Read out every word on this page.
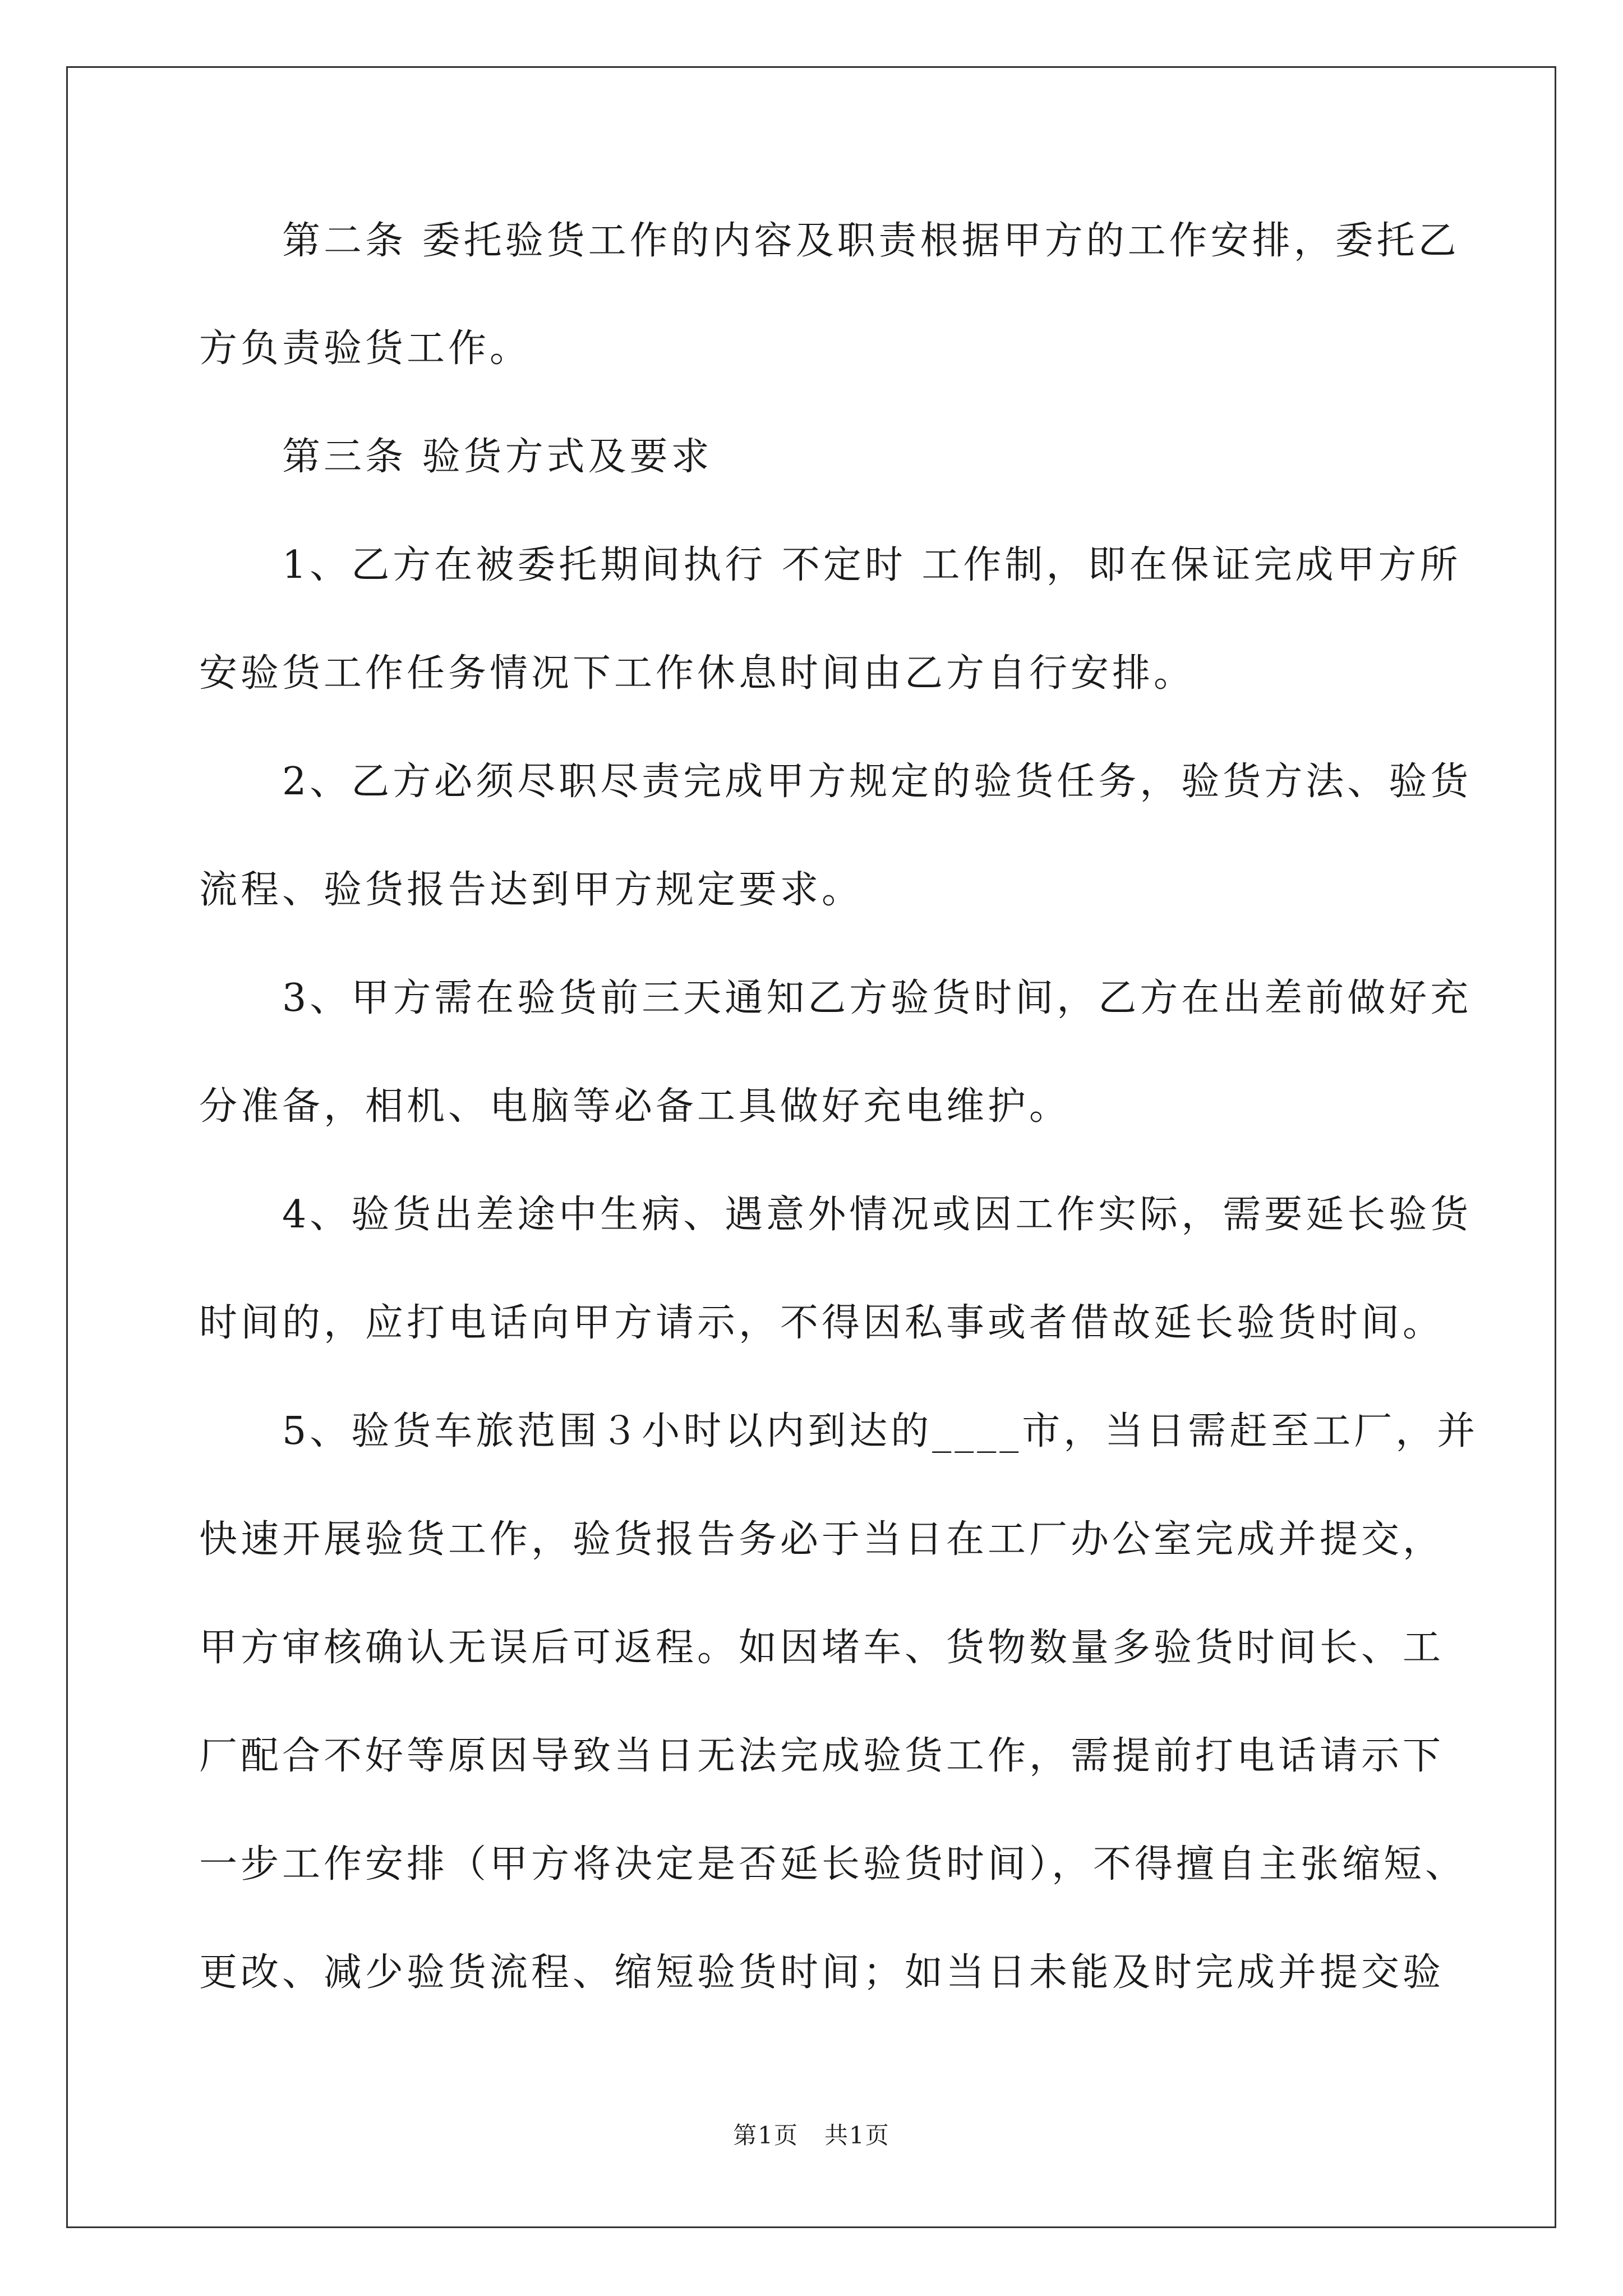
　　第二条 委托验货工作的内容及职责根据甲方的工作安排，委托乙
方负责验货工作。
　　第三条 验货方式及要求
　　1、乙方在被委托期间执行 不定时 工作制，即在保证完成甲方所
安验货工作任务情况下工作休息时间由乙方自行安排。
　　2、乙方必须尽职尽责完成甲方规定的验货任务，验货方法、验货
流程、验货报告达到甲方规定要求。
　　3、甲方需在验货前三天通知乙方验货时间，乙方在出差前做好充
分准备，相机、电脑等必备工具做好充电维护。
　　4、验货出差途中生病、遇意外情况或因工作实际，需要延长验货
时间的，应打电话向甲方请示，不得因私事或者借故延长验货时间。
　　5、验货车旅范围３小时以内到达的____市，当日需赶至工厂，并
快速开展验货工作，验货报告务必于当日在工厂办公室完成并提交，
甲方审核确认无误后可返程。如因堵车、货物数量多验货时间长、工
厂配合不好等原因导致当日无法完成验货工作，需提前打电话请示下
一步工作安排（甲方将决定是否延长验货时间），不得擅自主张缩短、
更改、减少验货流程、缩短验货时间；如当日未能及时完成并提交验
第1页 共1页
